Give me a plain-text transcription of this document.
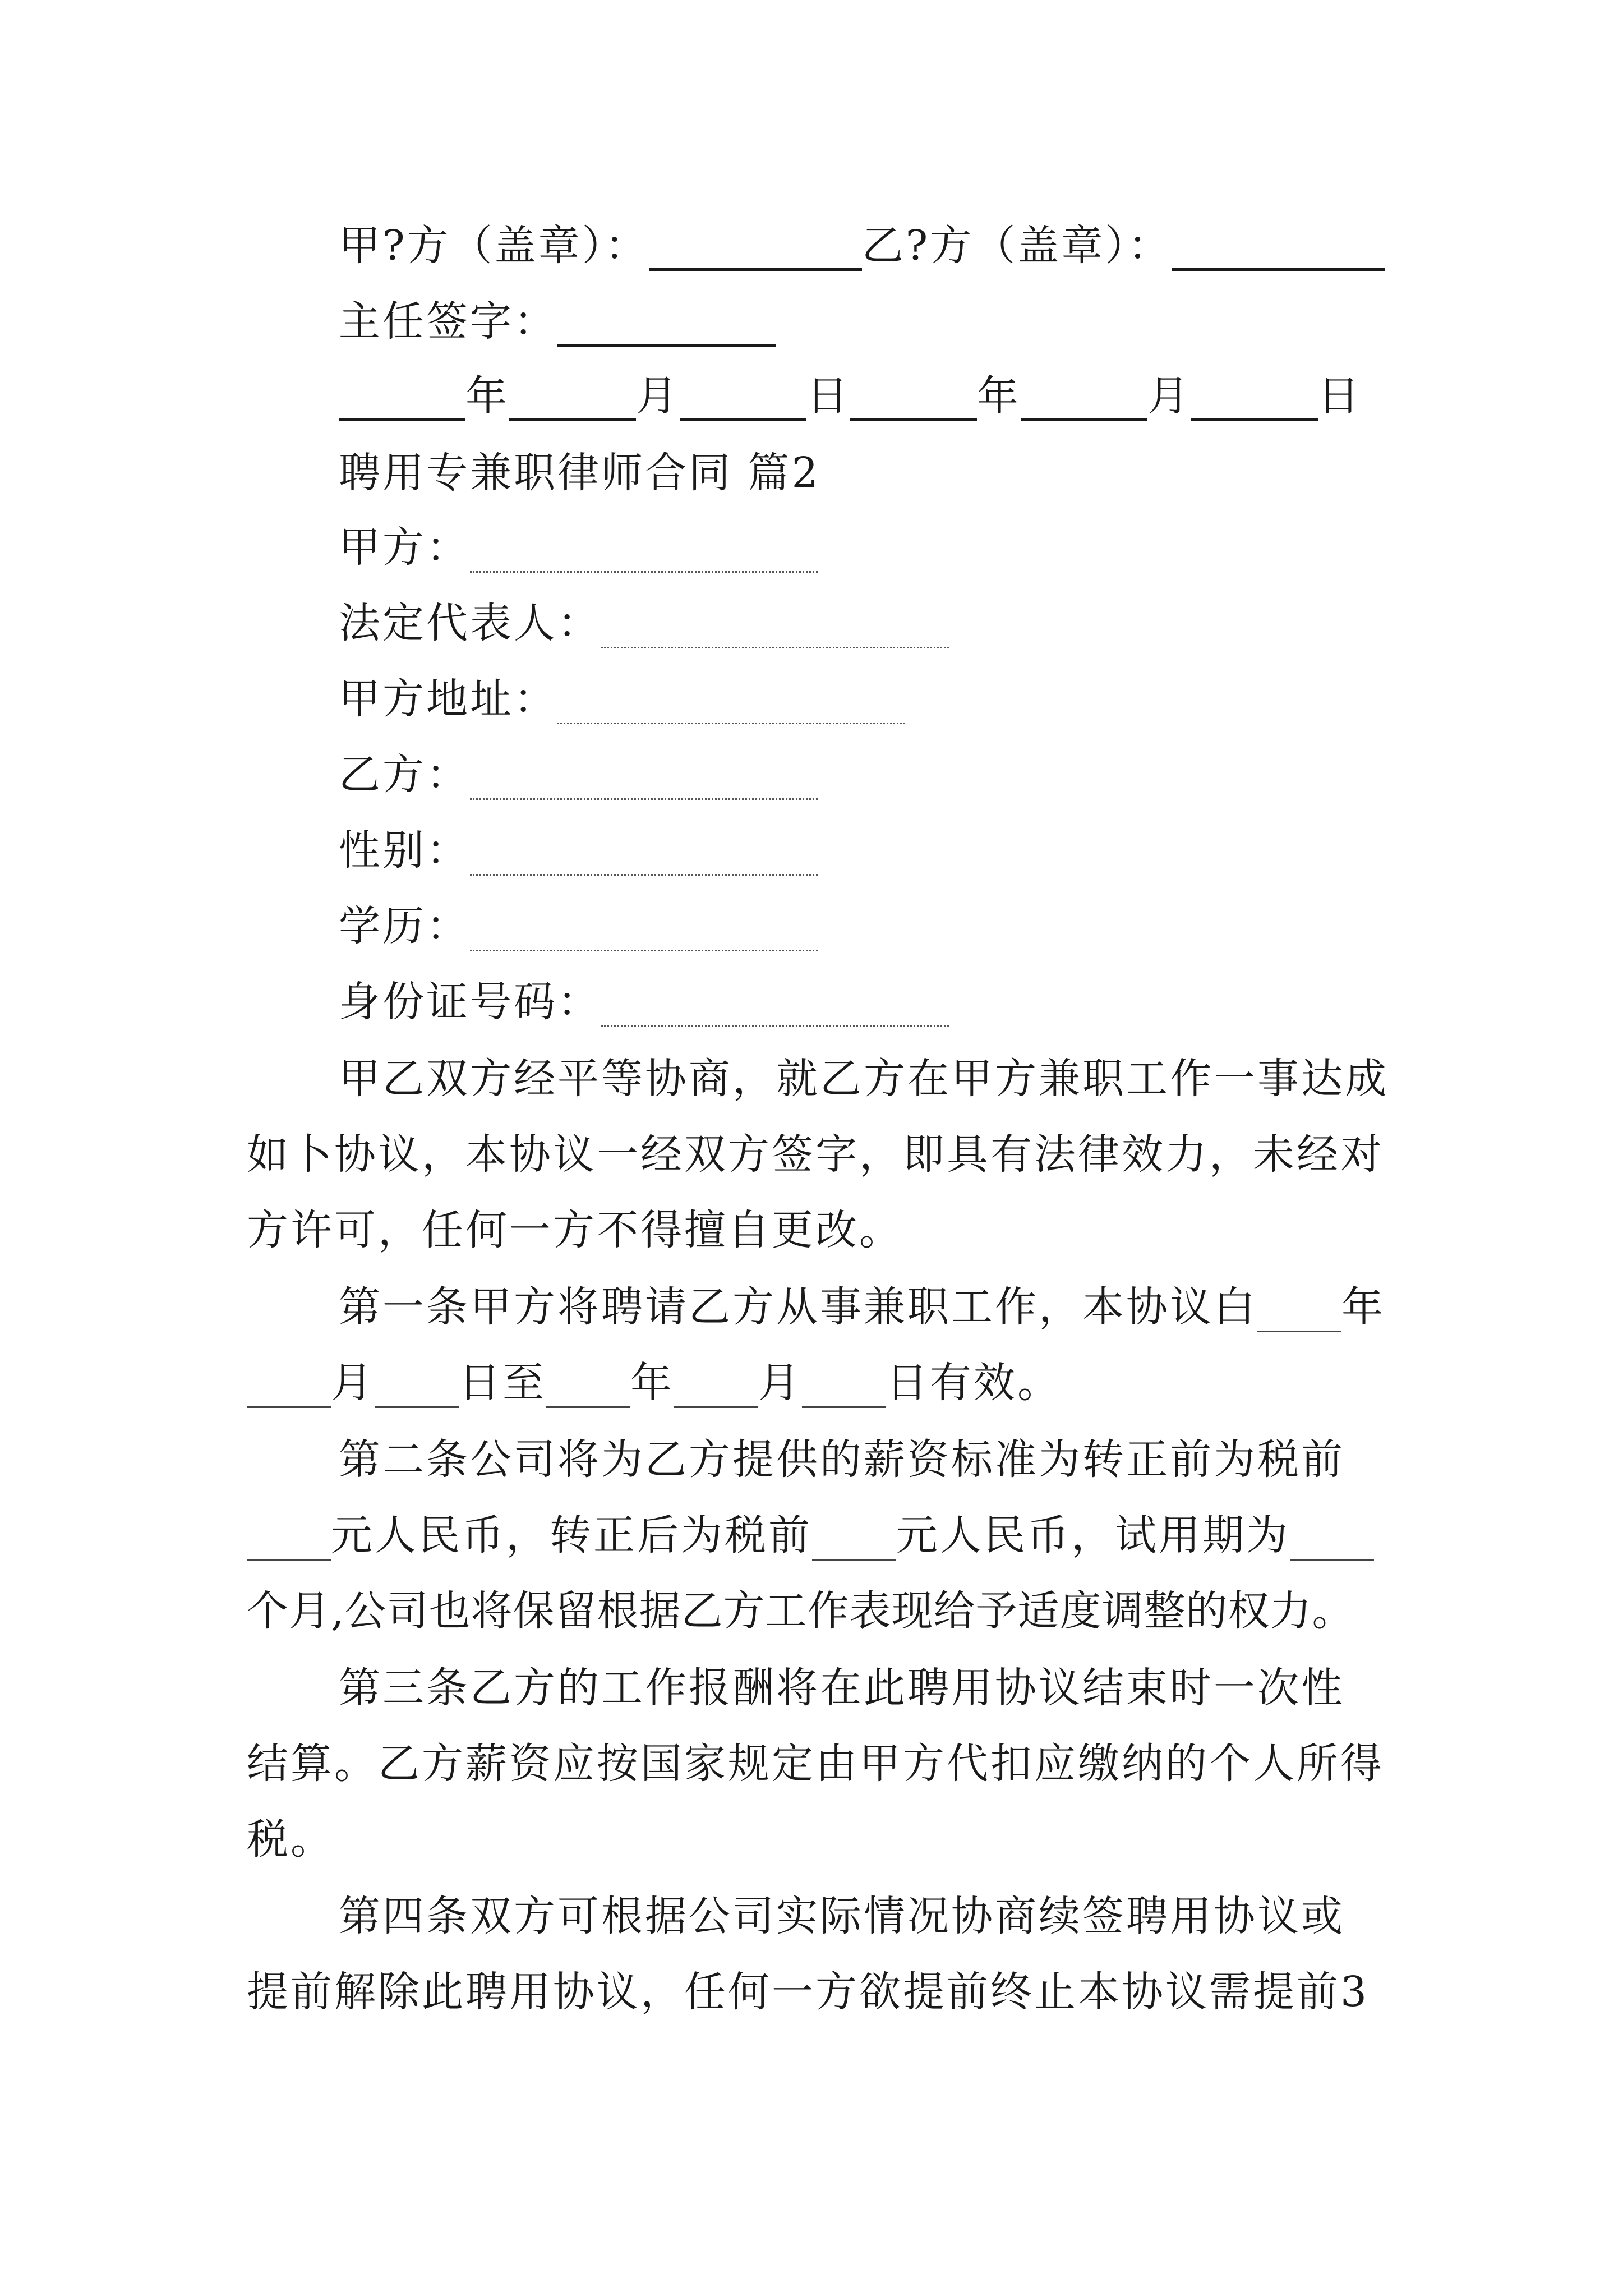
甲?方（盖章）：	乙?方（盖章）：
主任签字：
年	月	日	年	月	日
聘用专兼职律师合同 篇2
甲方：
法定代表人：
甲方地址：
乙方：
性别：
学历：
身份证号码：
甲乙双方经平等协商，就乙方在甲方兼职工作一事达成
如卜协议，本协议一经双方签字，即具有法律效力，未经对
方许可，任何一方不得擅自更改。
第一条甲方将聘请乙方从事兼职工作，本协议白 年
月 日至 年 月 日有效。
第二条公司将为乙方提供的薪资标准为转正前为税前
元人民币，转正后为税前 元人民币，试用期为
个月,公司也将保留根据乙方工作表现给予适度调整的权力。
第三条乙方的工作报酬将在此聘用协议结束时一次性
结算。乙方薪资应按国家规定由甲方代扣应缴纳的个人所得
税。
第四条双方可根据公司实际情况协商续签聘用协议或
提前解除此聘用协议，任何一方欲提前终止本协议需提前3
